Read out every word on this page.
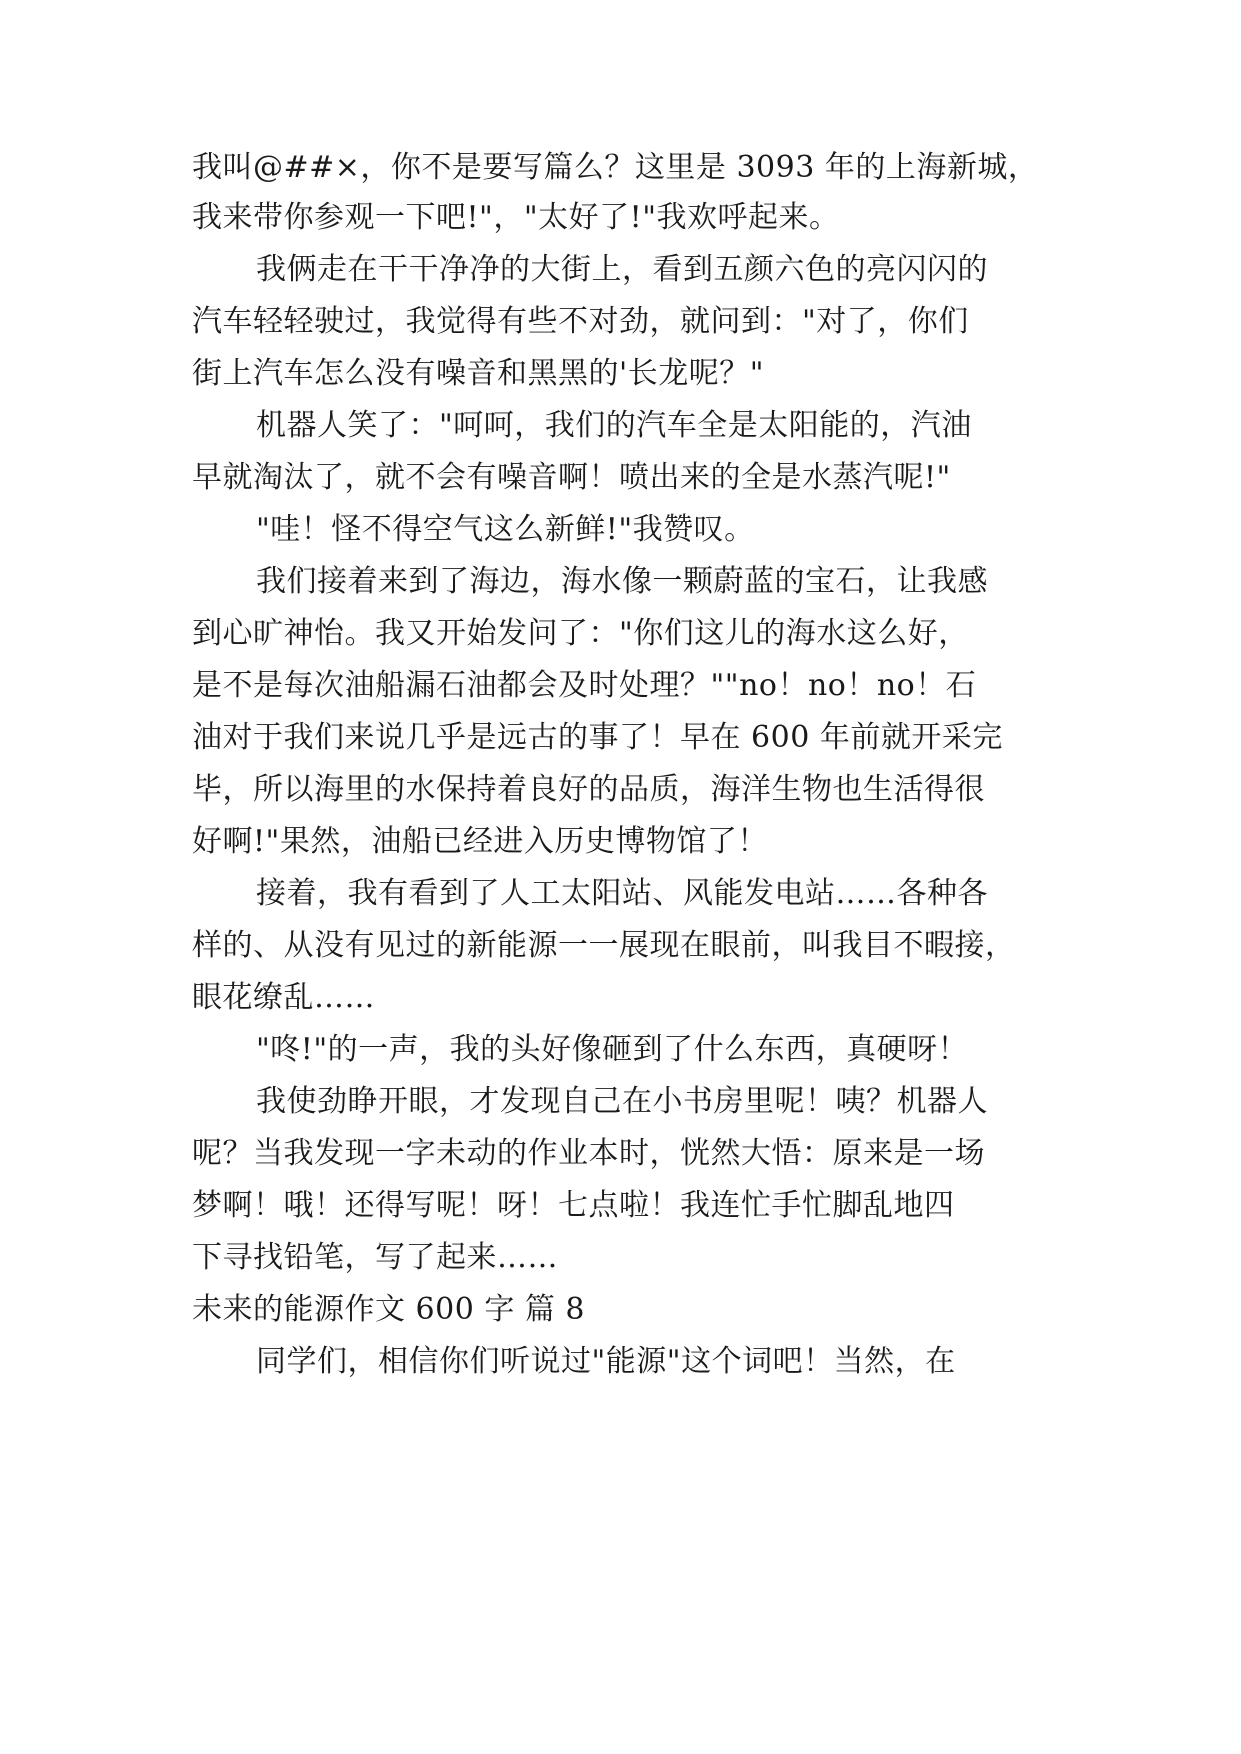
我叫@##×，你不是要写篇么？这里是 3093 年的上海新城，
我来带你参观一下吧!"，"太好了!"我欢呼起来。
我俩走在干干净净的大街上，看到五颜六色的亮闪闪的
汽车轻轻驶过，我觉得有些不对劲，就问到："对了，你们
街上汽车怎么没有噪音和黑黑的'长龙呢？"
机器人笑了："呵呵，我们的汽车全是太阳能的，汽油
早就淘汰了，就不会有噪音啊！喷出来的全是水蒸汽呢!"
"哇！怪不得空气这么新鲜!"我赞叹。
我们接着来到了海边，海水像一颗蔚蓝的宝石，让我感
到心旷神怡。我又开始发问了："你们这儿的海水这么好，
是不是每次油船漏石油都会及时处理？""no！no！no！石
油对于我们来说几乎是远古的事了！早在 600 年前就开采完
毕，所以海里的水保持着良好的品质，海洋生物也生活得很
好啊!"果然，油船已经进入历史博物馆了！
接着，我有看到了人工太阳站、风能发电站……各种各
样的、从没有见过的新能源一一展现在眼前，叫我目不暇接，
眼花缭乱……
"咚!"的一声，我的头好像砸到了什么东西，真硬呀！
我使劲睁开眼，才发现自己在小书房里呢！咦？机器人
呢？当我发现一字未动的作业本时，恍然大悟：原来是一场
梦啊！哦！还得写呢！呀！七点啦！我连忙手忙脚乱地四
下寻找铅笔，写了起来……
未来的能源作文 600 字 篇 8
同学们，相信你们听说过"能源"这个词吧！当然，在
